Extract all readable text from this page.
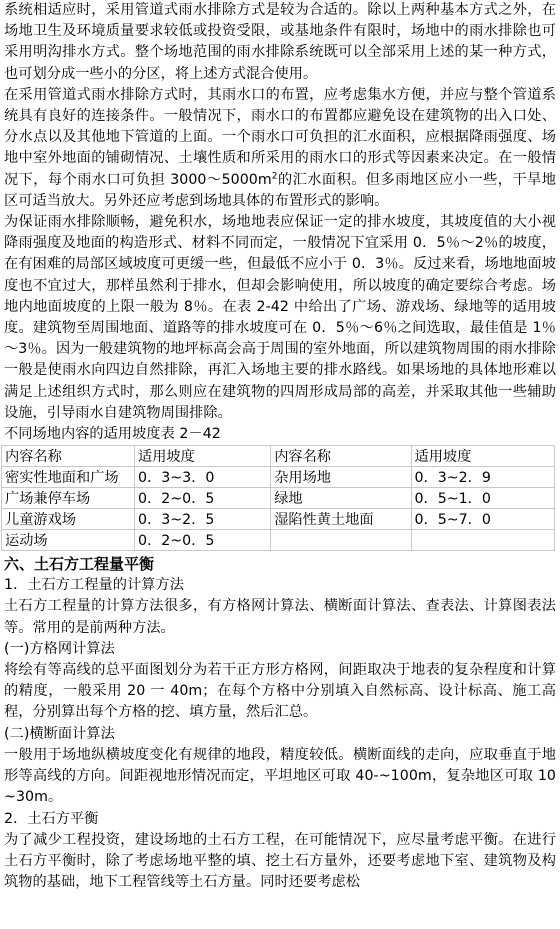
系统相适应时，采用管道式雨水排除方式是较为合适的。除以上两种基本方式之外，在场地卫生及环境质量要求较低或投资受限，或基地条件有限时，场地中的雨水排除也可采用明沟排水方式。整个场地范围的雨水排除系统既可以全部采用上述的某一种方式，也可划分成一些小的分区，将上述方式混合使用。

在采用管道式雨水排除方式时，其雨水口的布置，应考虑集水方便，并应与整个管道系统具有良好的连接条件。一般情况下，雨水口的布置都应避免设在建筑物的出入口处、分水点以及其他地下管道的上面。一个雨水口可负担的汇水面积，应根据降雨强度、场地中室外地面的铺砌情况、土壤性质和所采用的雨水口的形式等因素来决定。在一般情况下，每个雨水口可负担 $3000\sim 5000m^2$的汇水面积。但多雨地区应小一些，干旱地区可适当放大。另外还应考虑到场地具体的布置形式的影响。

为保证雨水排除顺畅，避免积水，场地地表应保证一定的排水坡度，其坡度值的大小视降雨强度及地面的构造形式、材料不同而定，一般情况下宜采用 0．5％～2％的坡度，在有困难的局部区域坡度可更缓一些，但最低不应小于 0．3％。反过来看，场地地面坡度也不宜过大，那样虽然利于排水，但却会影响使用，所以坡度的确定要综合考虑。场地内地面坡度的上限一般为 8％。在表 2-42 中给出了广场、游戏场、绿地等的适用坡度。建筑物至周围地面、道路等的排水坡度可在 0．5％～6％之间选取，最佳值是 1％～3％。因为一般建筑物的地坪标高会高于周围的室外地面，所以建筑物周围的雨水排除一般是使雨水向四边自然排除，再汇入场地主要的排水路线。如果场地的具体地形难以满足上述组织方式时，那么则应在建筑物的四周形成局部的高差，并采取其他一些辅助设施，引导雨水自建筑物周围排除。

不同场地内容的适用坡度表 2－42

内容名称	适用坡度	内容名称	适用坡度
密实性地面和广场	0．3~3．0	杂用场地	0．3~2．9
广场兼停车场	0．2~0．5	绿地	0．5~1．0
儿童游戏场	0．3~2．5	湿陷性黄土地面	0．5~7．0
运动场	0．2~0．5		

六、土石方工程量平衡

1．土石方工程量的计算方法

土石方工程量的计算方法很多，有方格网计算法、横断面计算法、查表法、计算图表法等。常用的是前两种方法。

(一)方格网计算法

将绘有等高线的总平面图划分为若干正方形方格网，间距取决于地表的复杂程度和计算的精度，一般采用 20 一 40m；在每个方格中分别填入自然标高、设计标高、施工高程，分别算出每个方格的挖、填方量，然后汇总。

(二)横断面计算法

一般用于场地纵横坡度变化有规律的地段，精度较低。横断面线的走向，应取垂直于地形等高线的方向。间距视地形情况而定，平坦地区可取 40-~100m，复杂地区可取 10~30m。

2．土石方平衡

为了减少工程投资，建设场地的土石方工程，在可能情况下，应尽量考虑平衡。在进行土石方平衡时，除了考虑场地平整的填、挖土石方量外，还要考虑地下室、建筑物及构筑物的基础，地下工程管线等土石方量。同时还要考虑松
